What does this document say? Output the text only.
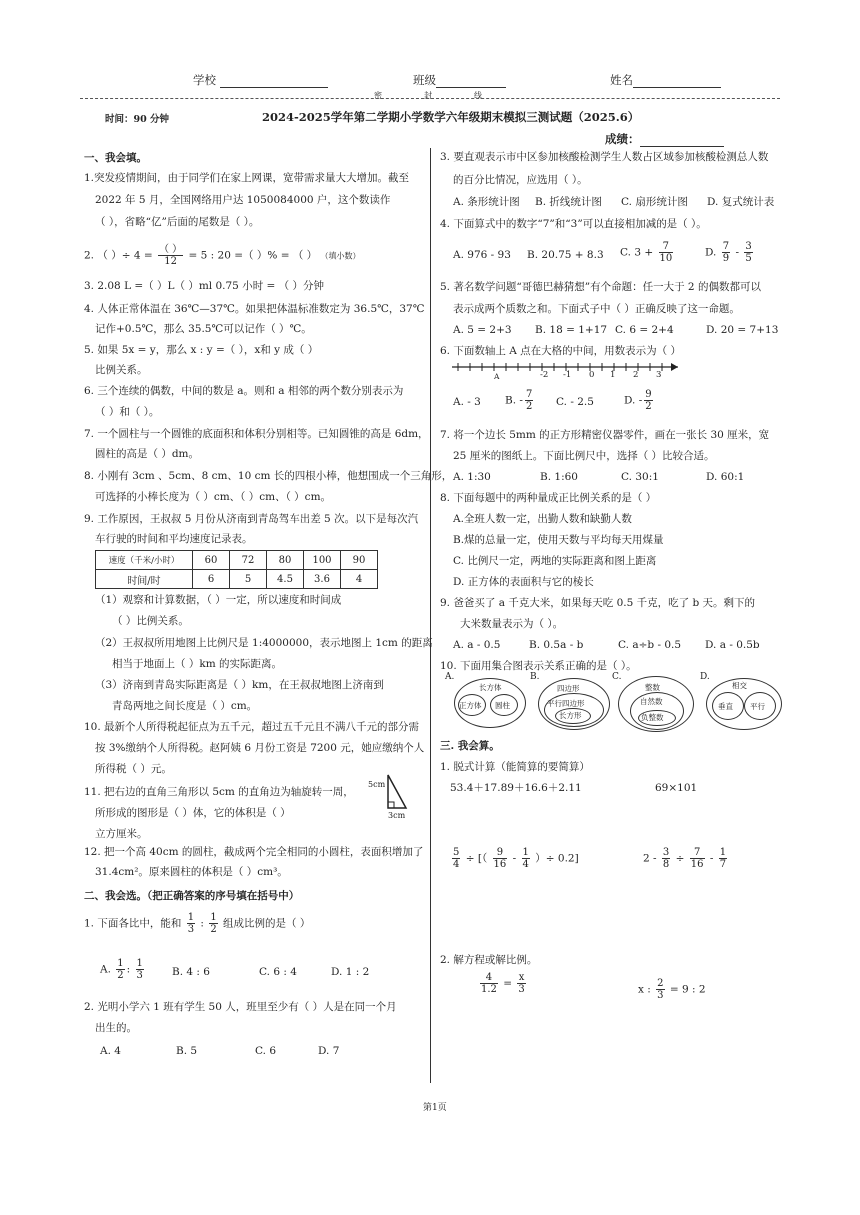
学校	班级	姓名
密	封	线
时间：90 分钟	2024-2025学年第二学期小学数学六年级期末模拟三测试题（2025.6）
成绩：
一、我会填。
1.突发疫情期间，由于同学们在家上网课，宽带需求量大大增加。截至
2022 年 5 月，全国网络用户达 1050084000 户，这个数读作
（ ），省略“亿”后面的尾数是（ ）。
2. （ ）÷ $4 = \frac{( )}{12} = 5$ : 20 =（ ）% = （ ） （填小数）
3. 2.08 L =（ ）L（ ）ml 0.75 小时 = （ ）分钟
4. 人体正常体温在 36℃—37℃。如果把体温标准数定为 36.5℃，37℃
记作+0.5℃，那么 35.5℃可以记作（ ）℃。
5. 如果 5x = y，那么 x : y =（ ），x和 y 成（ ）
比例关系。
6. 三个连续的偶数，中间的数是 a。则和 a 相邻的两个数分别表示为
（ ）和（ ）。
7. 一个圆柱与一个圆锥的底面积和体积分别相等。已知圆锥的高是 6dm，
圆柱的高是（ ）dm。
8. 小刚有 3cm 、5cm、8 cm、10 cm 长的四根小棒，他想围成一个三角形，
可选择的小棒长度为（ ）cm、（ ）cm、（ ）cm。
9. 工作原因，王叔叔 5 月份从济南到青岛驾车出差 5 次。以下是每次汽
车行驶的时间和平均速度记录表。
速度（千米/小时）	60	72	80	100	90
时间/时	6	5	4.5	3.6	4
（1）观察和计算数据，（ ）一定，所以速度和时间成
（ ）比例关系。
（2）王叔叔所用地图上比例尺是 1:4000000，表示地图上 1cm 的距离
相当于地面上（ ）km 的实际距离。
（3）济南到青岛实际距离是（ ）km，在王叔叔地图上济南到
青岛两地之间长度是（ ）cm。
10. 最新个人所得税起征点为五千元，超过五千元且不满八千元的部分需
按 3%缴纳个人所得税。赵阿姨 6 月份工资是 7200 元，她应缴纳个人
所得税（ ）元。
11. 把右边的直角三角形以 5cm 的直角边为轴旋转一周，
所形成的图形是（ ）体，它的体积是（ ）
立方厘米。
5cm
3cm
12. 把一个高 40cm 的圆柱，截成两个完全相同的小圆柱，表面积增加了
31.4cm²。原来圆柱的体积是（ ）cm³。
二、我会选。（把正确答案的序号填在括号中）
1. 下面各比中，能和 $\frac{1}{3}$ : $\frac{1}{2}$ 组成比例的是（ ）
A. $\frac{1}{2}$ : $\frac{1}{3}$	B. 4 : 6	C. 6 : 4	D. 1 : 2
2. 光明小学六 1 班有学生 50 人，班里至少有（ ）人是在同一个月
出生的。
A. 4	B. 5	C. 6	D. 7
3. 要直观表示市中区参加核酸检测学生人数占区域参加核酸检测总人数
的百分比情况，应选用（ ）。
A. 条形统计图 B. 折线统计图 C. 扇形统计图 D. 复式统计表
4. 下面算式中的数字“7”和“3”可以直接相加减的是（ ）。
A. 976 - 93 B. 20.75 + 8.3 C. $3 + \frac{7}{10}$	D. $\frac{7}{9} - \frac{3}{5}$
5. 著名数学问题“哥德巴赫猜想”有个命题：任一大于 2 的偶数都可以
表示成两个质数之和。下面式子中（ ）正确反映了这一命题。
A. 5 = 2+3 B. 18 = 1+17 C. 6 = 2+4	D. 20 = 7+13
6. 下面数轴上 A 点在大格的中间，用数表示为（ ）
A	-2 -1 0 1 2 3
A. - 3 B. - $\frac{7}{2} C$. - 2.5	D. - $\frac{9}{2}$
7. 将一个边长 5mm 的正方形精密仪器零件，画在一张长 30 厘米，宽
25 厘米的图纸上。下面比例尺中，选择（ ）比较合适。
A. 1:30	B. 1:60	C. 30:1	D. 60:1
8. 下面每题中的两种量成正比例关系的是（ ）
A.全班人数一定，出勤人数和缺勤人数
B.煤的总量一定，使用天数与平均每天用煤量
C. 比例尺一定，两地的实际距离和图上距离
D. 正方体的表面积与它的棱长
9. 爸爸买了 a 千克大米，如果每天吃 0.5 千克，吃了 b 天。剩下的
大米数量表示为（ ）。
A. a - 0.5	B. 0.5a - b	C. a÷b - 0.5 D. a - 0.5b
10. 下面用集合图表示关系正确的是（ ）。
A.
长方体
正方体 圆柱
B.
四边形
平行四边形
长方形
C.
整数
自然数
负整数
D.
相交
垂直 平行
三. 我会算。
1. 脱式计算（能简算的要简算）
53.4＋17.89＋16.6＋2.11	69×101
$\frac{5}{4}$ ÷ [（ $\frac{9}{16} - \frac{1}{4}$ ）÷ 0.2]	$2 - \frac{3}{8} \div \frac{7}{16} - \frac{1}{7}$
2. 解方程或解比例。
$\frac{4}{1.2} = \frac{x}{3}$	x : $\frac{2}{3} = 9$ : 2
第1页
